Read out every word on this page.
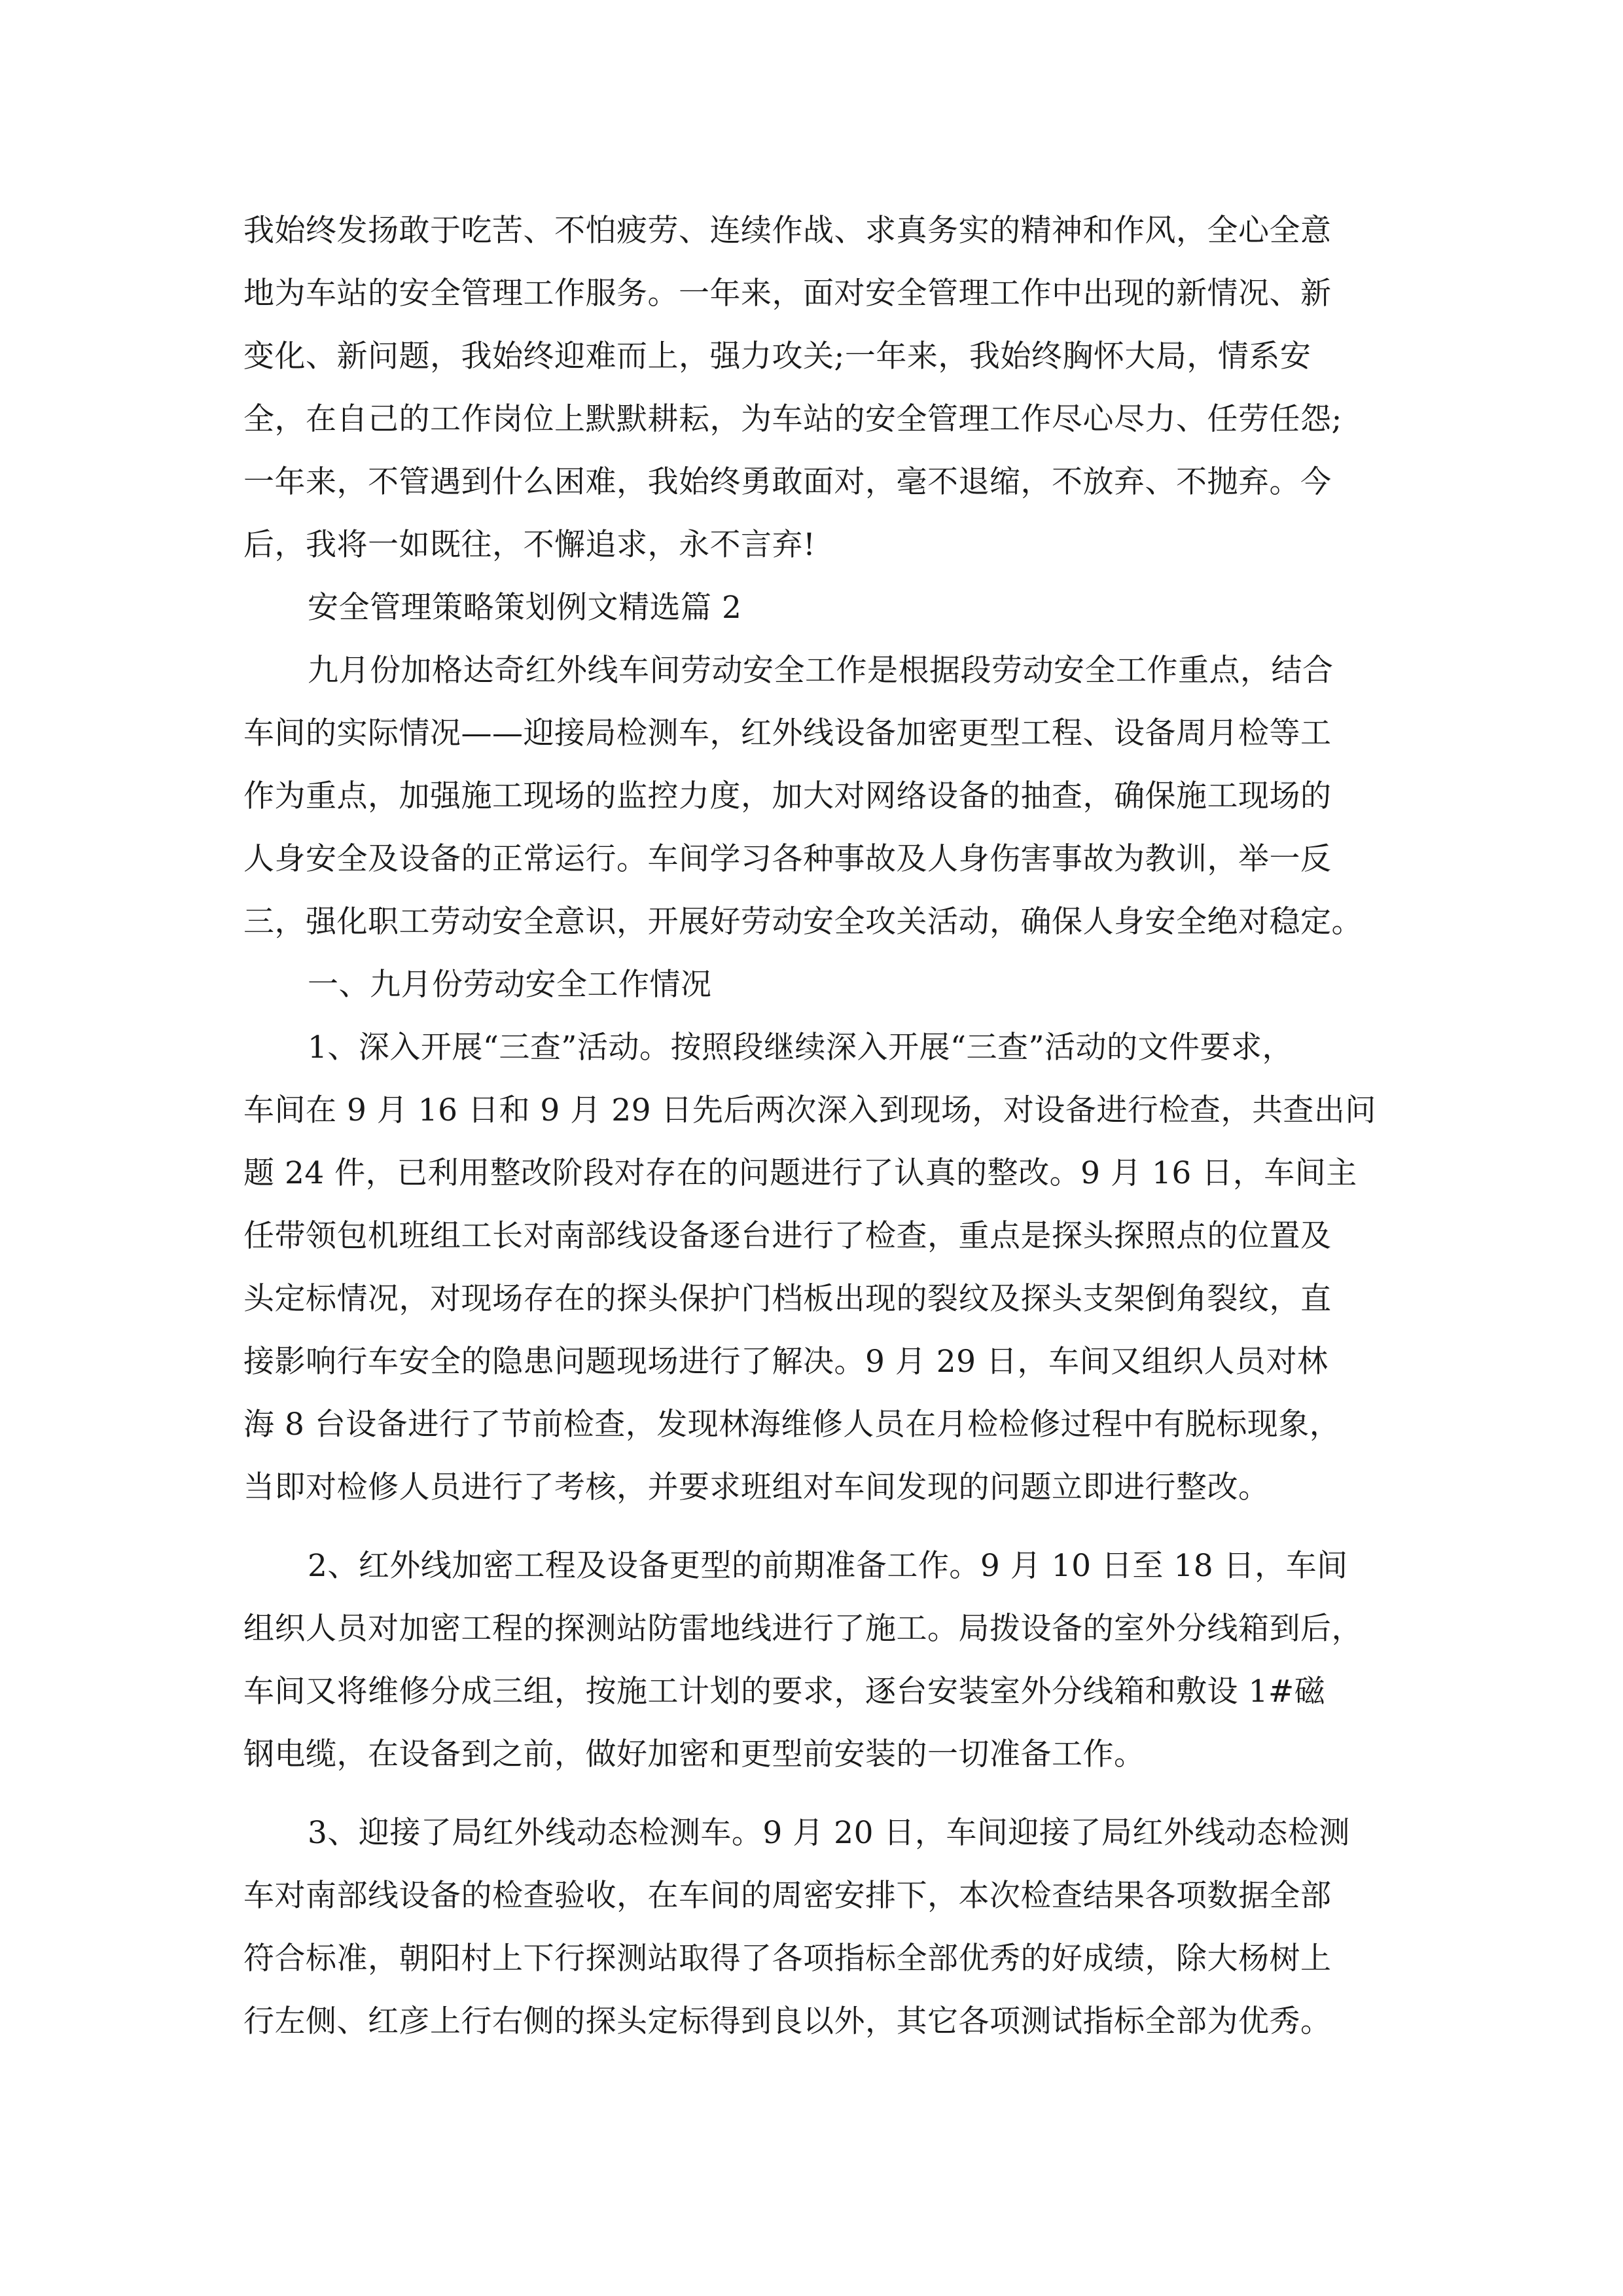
我始终发扬敢于吃苦、不怕疲劳、连续作战、求真务实的精神和作风，全心全意
地为车站的安全管理工作服务。一年来，面对安全管理工作中出现的新情况、新
变化、新问题，我始终迎难而上，强力攻关;一年来，我始终胸怀大局，情系安
全，在自己的工作岗位上默默耕耘，为车站的安全管理工作尽心尽力、任劳任怨;
一年来，不管遇到什么困难，我始终勇敢面对，毫不退缩，不放弃、不抛弃。今
后，我将一如既往，不懈追求，永不言弃!
安全管理策略策划例文精选篇 2
九月份加格达奇红外线车间劳动安全工作是根据段劳动安全工作重点，结合
车间的实际情况——迎接局检测车，红外线设备加密更型工程、设备周月检等工
作为重点，加强施工现场的监控力度，加大对网络设备的抽查，确保施工现场的
人身安全及设备的正常运行。车间学习各种事故及人身伤害事故为教训，举一反
三，强化职工劳动安全意识，开展好劳动安全攻关活动，确保人身安全绝对稳定。
一、九月份劳动安全工作情况
1、深入开展“三查”活动。按照段继续深入开展“三查”活动的文件要求，
车间在 9 月 16 日和 9 月 29 日先后两次深入到现场，对设备进行检查，共查出问
题 24 件，已利用整改阶段对存在的问题进行了认真的整改。9 月 16 日，车间主
任带领包机班组工长对南部线设备逐台进行了检查，重点是探头探照点的位置及
头定标情况，对现场存在的探头保护门档板出现的裂纹及探头支架倒角裂纹，直
接影响行车安全的隐患问题现场进行了解决。9 月 29 日，车间又组织人员对林
海 8 台设备进行了节前检查，发现林海维修人员在月检检修过程中有脱标现象，
当即对检修人员进行了考核，并要求班组对车间发现的问题立即进行整改。
2、红外线加密工程及设备更型的前期准备工作。9 月 10 日至 18 日，车间
组织人员对加密工程的探测站防雷地线进行了施工。局拨设备的室外分线箱到后，
车间又将维修分成三组，按施工计划的要求，逐台安装室外分线箱和敷设 1#磁
钢电缆，在设备到之前，做好加密和更型前安装的一切准备工作。
3、迎接了局红外线动态检测车。9 月 20 日，车间迎接了局红外线动态检测
车对南部线设备的检查验收，在车间的周密安排下，本次检查结果各项数据全部
符合标准，朝阳村上下行探测站取得了各项指标全部优秀的好成绩，除大杨树上
行左侧、红彦上行右侧的探头定标得到良以外，其它各项测试指标全部为优秀。
